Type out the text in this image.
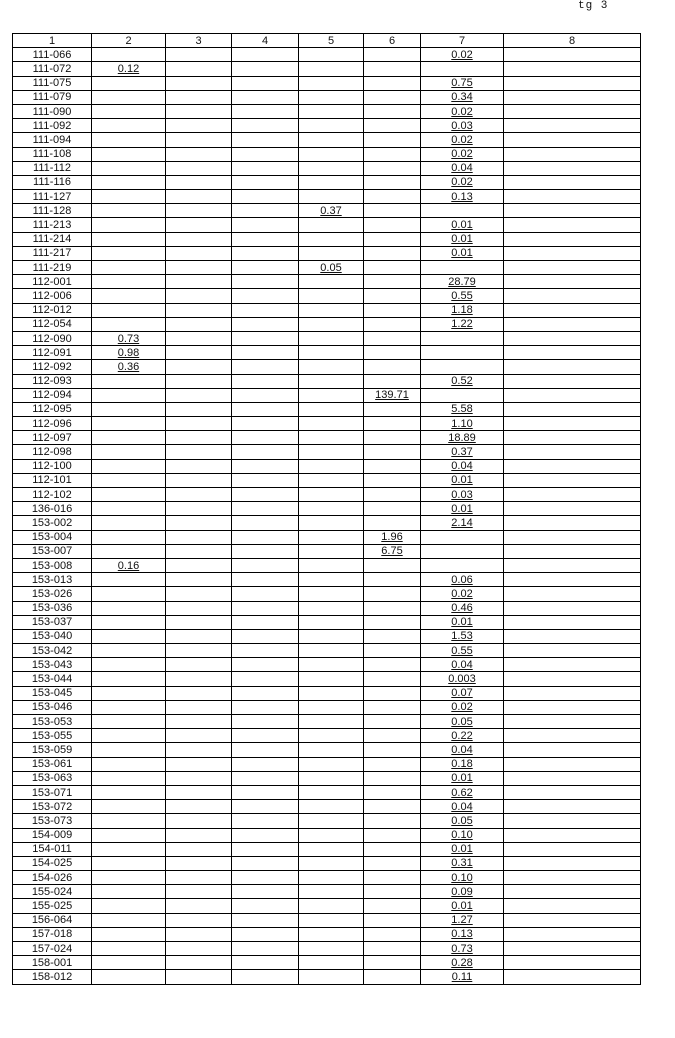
tg 3
1	2	3	4	5	6	7	8
111-066						0.02	
111-072	0.12						
111-075						0.75	
111-079						0.34	
111-090						0.02	
111-092						0.03	
111-094						0.02	
111-108						0.02	
111-112						0.04	
111-116						0.02	
111-127						0.13	
111-128				0.37			
111-213						0.01	
111-214						0.01	
111-217						0.01	
111-219				0.05			
112-001						28.79	
112-006						0.55	
112-012						1.18	
112-054						1.22	
112-090	0.73						
112-091	0.98						
112-092	0.36						
112-093						0.52	
112-094					139.71		
112-095						5.58	
112-096						1.10	
112-097						18.89	
112-098						0.37	
112-100						0.04	
112-101						0.01	
112-102						0.03	
136-016						0.01	
153-002						2.14	
153-004					1.96		
153-007					6.75		
153-008	0.16						
153-013						0.06	
153-026						0.02	
153-036						0.46	
153-037						0.01	
153-040						1.53	
153-042						0.55	
153-043						0.04	
153-044						0.003	
153-045						0.07	
153-046						0.02	
153-053						0.05	
153-055						0.22	
153-059						0.04	
153-061						0.18	
153-063						0.01	
153-071						0.62	
153-072						0.04	
153-073						0.05	
154-009						0.10	
154-011						0.01	
154-025						0.31	
154-026						0.10	
155-024						0.09	
155-025						0.01	
156-064						1.27	
157-018						0.13	
157-024						0.73	
158-001						0.28	
158-012						0.11	
